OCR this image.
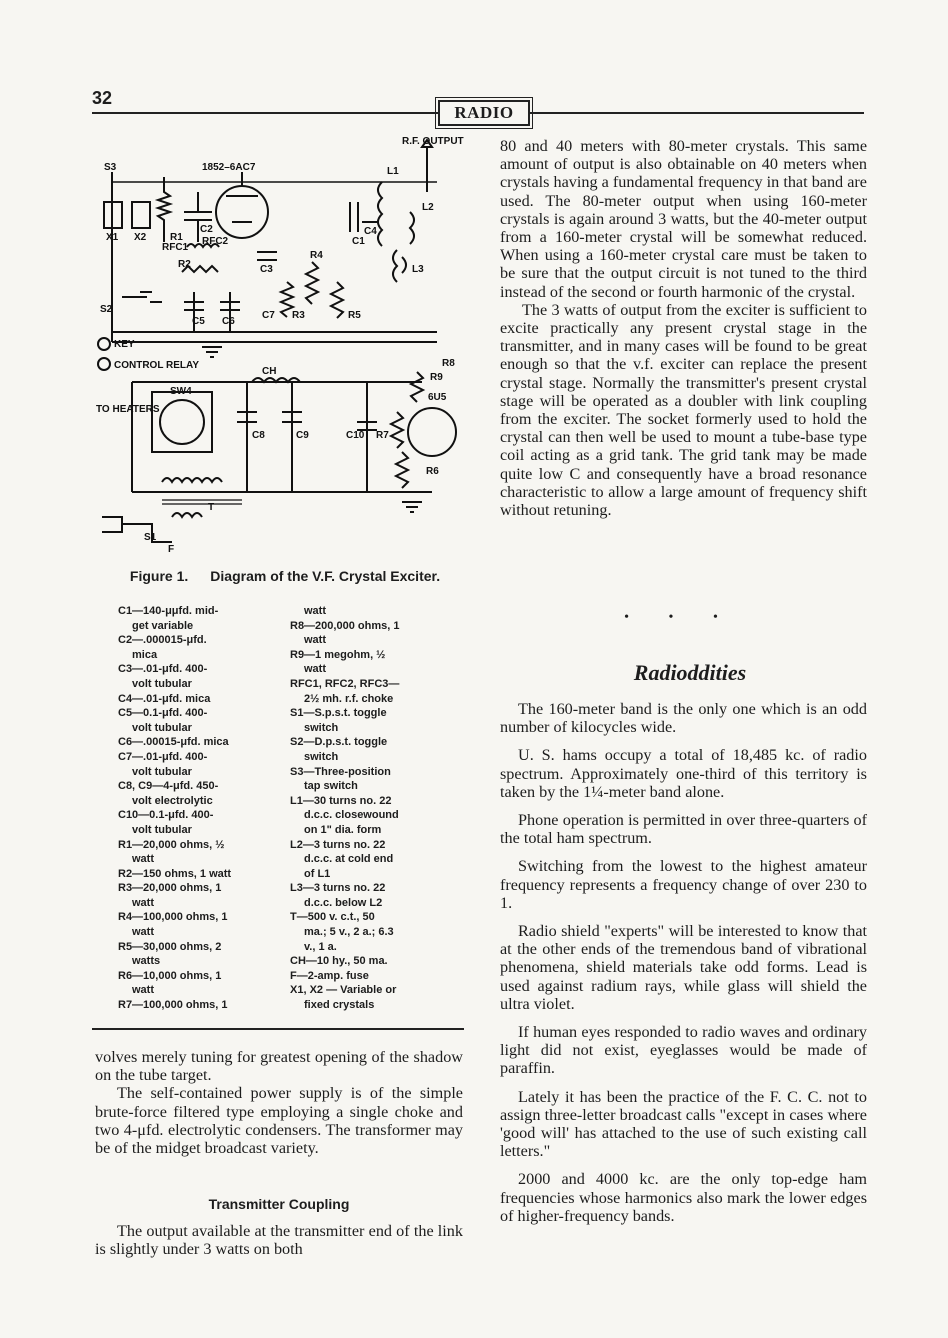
32
RADIO
R.F. OUTPUT
1852–6AC7
S3
X1 X2 R1
C2
RFC1
RFC2
R2	C3
R4
L1
C1
C4
L2
L3
S2
C5 C6
C7 R3	R5
KEY
CONTROL RELAY
CH
SW4
TO HEATERS
C8	C9	C10 R7
R8
R9
6U5
R6
T
S1
F
Figure 1. Diagram of the V.F. Crystal Exciter.
C1—140-μμfd. mid-
get variable
C2—.000015-μfd.
mica
C3—.01-μfd. 400-
volt tubular
C4—.01-μfd. mica
C5—0.1-μfd. 400-
volt tubular
C6—.00015-μfd. mica
C7—.01-μfd. 400-
volt tubular
C8, C9—4-μfd. 450-
volt electrolytic
C10—0.1-μfd. 400-
volt tubular
R1—20,000 ohms, ½
watt
R2—150 ohms, 1 watt
R3—20,000 ohms, 1
watt
R4—100,000 ohms, 1
watt
R5—30,000 ohms, 2
watts
R6—10,000 ohms, 1
watt
R7—100,000 ohms, 1
watt
R8—200,000 ohms, 1
watt
R9—1 megohm, ½
watt
RFC1, RFC2, RFC3—
2½ mh. r.f. choke
S1—S.p.s.t. toggle
switch
S2—D.p.s.t. toggle
switch
S3—Three-position
tap switch
L1—30 turns no. 22
d.c.c. closewound
on 1" dia. form
L2—3 turns no. 22
d.c.c. at cold end
of L1
L3—3 turns no. 22
d.c.c. below L2
T—500 v. c.t., 50
ma.; 5 v., 2 a.; 6.3
v., 1 a.
CH—10 hy., 50 ma.
F—2-amp. fuse
X1, X2 — Variable or
fixed crystals

volves merely tuning for greatest opening of the shadow on the tube target.

The self-contained power supply is of the simple brute-force filtered type employing a single choke and two 4-μfd. electrolytic condensers. The transformer may be of the midget broadcast variety.

Transmitter Coupling

The output available at the transmitter end of the link is slightly under 3 watts on both

80 and 40 meters with 80-meter crystals. This same amount of output is also obtainable on 40 meters when crystals having a fundamental frequency in that band are used. The 80-meter output when using 160-meter crystals is again around 3 watts, but the 40-meter output from a 160-meter crystal will be somewhat reduced. When using a 160-meter crystal care must be taken to be sure that the output circuit is not tuned to the third instead of the second or fourth harmonic of the crystal.

The 3 watts of output from the exciter is sufficient to excite practically any present crystal stage in the transmitter, and in many cases will be found to be great enough so that the v.f. exciter can replace the present crystal stage. Normally the transmitter's present crystal stage will be operated as a doubler with link coupling from the exciter. The socket formerly used to hold the crystal can then well be used to mount a tube-base type coil acting as a grid tank. The grid tank may be made quite low C and consequently have a broad resonance characteristic to allow a large amount of frequency shift without retuning.

• • •
Radioddities

The 160-meter band is the only one which is an odd number of kilocycles wide.

U. S. hams occupy a total of 18,485 kc. of radio spectrum. Approximately one-third of this territory is taken by the 1¼-meter band alone.

Phone operation is permitted in over three-quarters of the total ham spectrum.

Switching from the lowest to the highest amateur frequency represents a frequency change of over 230 to 1.

Radio shield "experts" will be interested to know that at the other ends of the tremendous band of vibrational phenomena, shield materials take odd forms. Lead is used against radium rays, while glass will shield the ultra violet.

If human eyes responded to radio waves and ordinary light did not exist, eyeglasses would be made of paraffin.

Lately it has been the practice of the F. C. C. not to assign three-letter broadcast calls "except in cases where 'good will' has attached to the use of such existing call letters."

2000 and 4000 kc. are the only top-edge ham frequencies whose harmonics also mark the lower edges of higher-frequency bands.
